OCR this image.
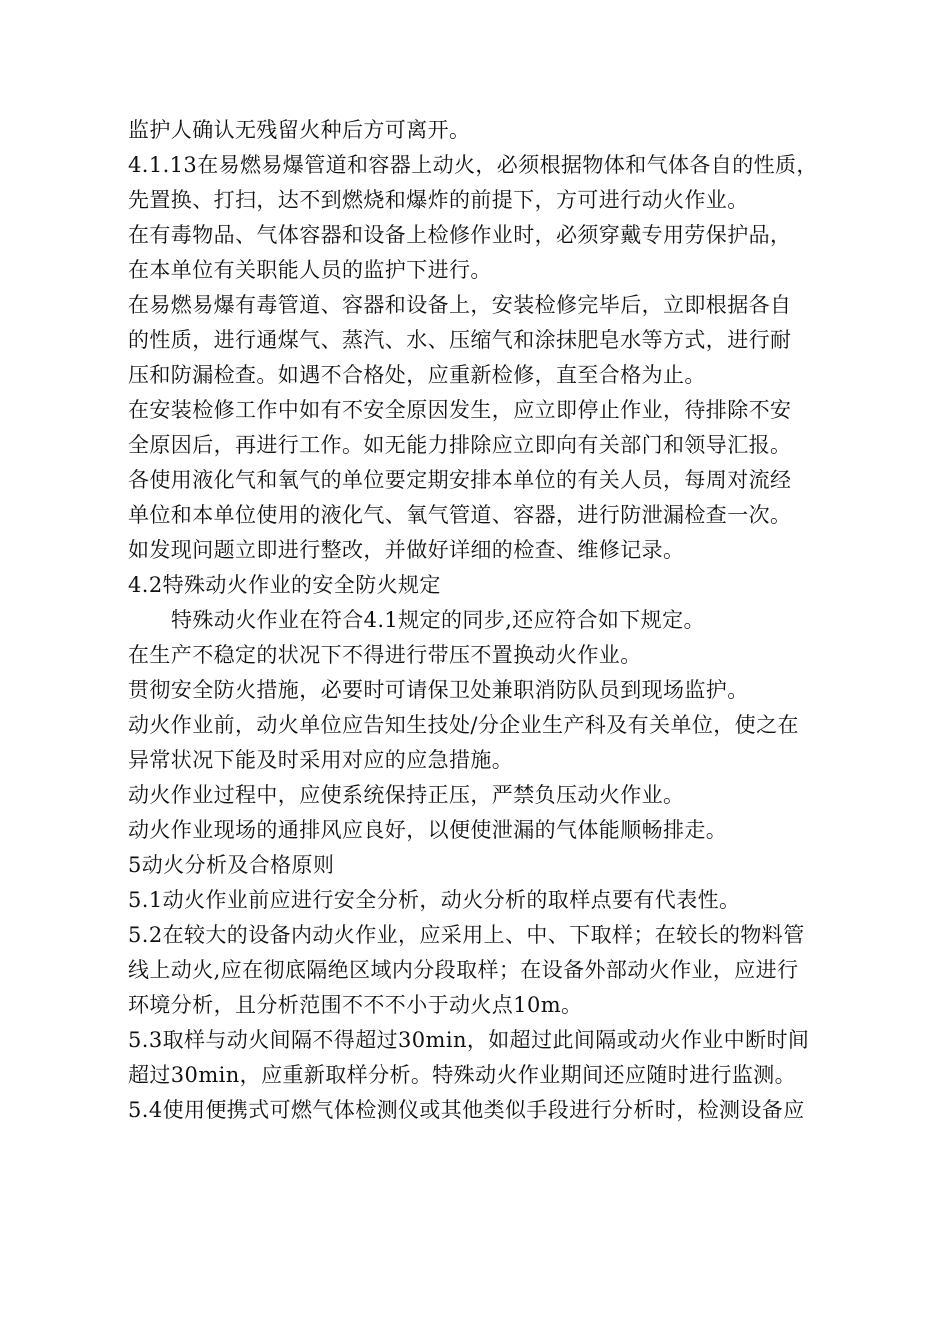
监护人确认无残留火种后方可离开。
4.1.13在易燃易爆管道和容器上动火，必须根据物体和气体各自的性质，
先置换、打扫，达不到燃烧和爆炸的前提下，方可进行动火作业。
在有毒物品、气体容器和设备上检修作业时，必须穿戴专用劳保护品，
在本单位有关职能人员的监护下进行。
在易燃易爆有毒管道、容器和设备上，安装检修完毕后，立即根据各自
的性质，进行通煤气、蒸汽、水、压缩气和涂抹肥皂水等方式，进行耐
压和防漏检查。如遇不合格处，应重新检修，直至合格为止。
在安装检修工作中如有不安全原因发生，应立即停止作业，待排除不安
全原因后，再进行工作。如无能力排除应立即向有关部门和领导汇报。
各使用液化气和氧气的单位要定期安排本单位的有关人员，每周对流经
单位和本单位使用的液化气、氧气管道、容器，进行防泄漏检查一次。
如发现问题立即进行整改，并做好详细的检查、维修记录。
4.2特殊动火作业的安全防火规定
特殊动火作业在符合4.1规定的同步,还应符合如下规定。
在生产不稳定的状况下不得进行带压不置换动火作业。
贯彻安全防火措施，必要时可请保卫处兼职消防队员到现场监护。
动火作业前，动火单位应告知生技处/分企业生产科及有关单位，使之在
异常状况下能及时采用对应的应急措施。
动火作业过程中，应使系统保持正压，严禁负压动火作业。
动火作业现场的通排风应良好，以便使泄漏的气体能顺畅排走。
5动火分析及合格原则
5.1动火作业前应进行安全分析，动火分析的取样点要有代表性。
5.2在较大的设备内动火作业，应采用上、中、下取样；在较长的物料管
线上动火,应在彻底隔绝区域内分段取样；在设备外部动火作业，应进行
环境分析，且分析范围不不不小于动火点10m。
5.3取样与动火间隔不得超过30min，如超过此间隔或动火作业中断时间
超过30min，应重新取样分析。特殊动火作业期间还应随时进行监测。
5.4使用便携式可燃气体检测仪或其他类似手段进行分析时，检测设备应
